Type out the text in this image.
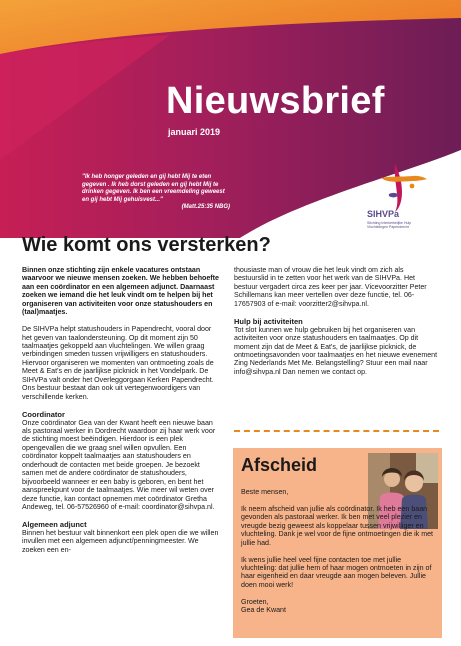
Nieuwsbrief
januari 2019
"Ik heb honger geleden en gij hebt Mij te eten gegeven . Ik heb dorst geleden en gij hebt Mij te drinken gegeven. Ik ben een vreemdeling geweest en gij hebt Mij gehuisvest..."
(Matt.25:35 NBG)
SIHVPa
Stichting Interkerkelijke Hulp Vluchtelingen Papendrecht
Wie komt ons versterken?

Binnen onze stichting zijn enkele vacatures ontstaan waarvoor we nieuwe mensen zoeken. We hebben behoefte aan een coördinator en een algemeen adjunct. Daarnaast zoeken we iemand die het leuk vindt om te helpen bij het organiseren van activiteiten voor onze statushouders en (taal)maatjes.

De SIHVPa helpt statushouders in Papendrecht, vooral door het geven van taalondersteuning. Op dit moment zijn 50 taalmaatjes gekoppeld aan vluchtelingen. We willen graag verbindingen smeden tussen vrijwilligers en statushouders. Hiervoor organiseren we momenten van ontmoeting zoals de Meet & Eat's en de jaarlijkse picknick in het Vondelpark. De SIHVPa valt onder het Overleggorgaan Kerken Papendrecht. Ons bestuur bestaat dan ook uit vertegenwoordigers van verschillende kerken.

Coordinator

Onze coördinator Gea van der Kwant heeft een nieuwe baan als pastoraal werker in Dordrecht waardoor zij haar werk voor de stichting moest beëindigen. Hierdoor is een plek opengevallen die we graag snel willen opvullen. Een coördinator koppelt taalmaatjes aan statushouders en onderhoudt de contacten met beide groepen. Je bezoekt samen met de andere coördinator de statushouders, bijvoorbeeld wanneer er een baby is geboren, en bent het aanspreekpunt voor de taalmaatjes. Wie meer wil weten over deze functie, kan contact opnemen met coördinator Gretha Andeweg, tel. 06-57526960 of e-mail: coordinator@sihvpa.nl.

Algemeen adjunct

Binnen het bestuur valt binnenkort een plek open die we willen invullen met een algemeen adjunct/penningmeester. We zoeken een en-

thousiaste man of vrouw die het leuk vindt om zich als bestuurslid in te zetten voor het werk van de SIHVPa. Het bestuur vergadert circa zes keer per jaar. Vicevoorzitter Peter Schillemans kan meer vertellen over deze functie, tel. 06-17657903 of e-mail: voorzitter2@sihvpa.nl.

Hulp bij activiteiten

Tot slot kunnen we hulp gebruiken bij het organiseren van activiteiten voor onze statushouders en taalmaatjes. Op dit moment zijn dat de Meet & Eat's, de jaarlijkse picknick, de ontmoetingsavonden voor taalmaatjes en het nieuwe evenement Zing Nederlands Met Me. Belangstelling? Stuur een mail naar info@sihvpa.nl Dan nemen we contact op.

Afscheid

Beste mensen,

Ik neem afscheid van jullie als coördinator. Ik heb een baan gevonden als pastoraal werker. Ik ben met veel plezier en vreugde bezig geweest als koppelaar tussen vrijwilliger en vluchteling. Dank je wel voor de fijne ontmoetingen die ik met jullie had.

Ik wens jullie heel veel fijne contacten toe met jullie vluchteling: dat jullie hem of haar mogen ontmoeten in zijn of haar eigenheid en daar vreugde aan mogen beleven. Jullie doen mooi werk!

Groeten,
Gea de Kwant
